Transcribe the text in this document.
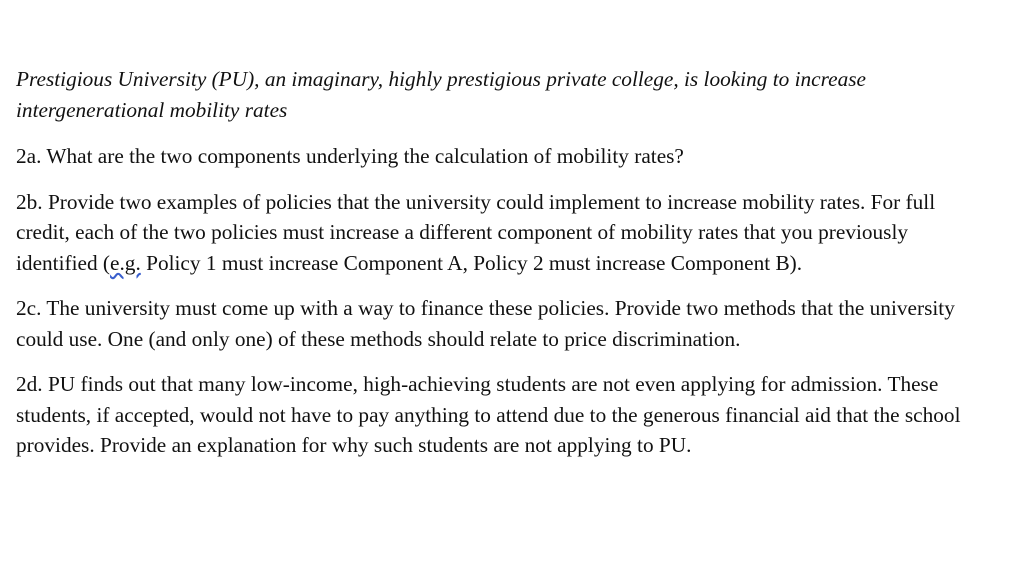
Prestigious University (PU), an imaginary, highly prestigious private college, is looking to increase intergenerational mobility rates

2a. What are the two components underlying the calculation of mobility rates?

2b. Provide two examples of policies that the university could implement to increase mobility rates. For full credit, each of the two policies must increase a different component of mobility rates that you previously identified (e.g. Policy 1 must increase Component A, Policy 2 must increase Component B).

2c. The university must come up with a way to finance these policies. Provide two methods that the university could use. One (and only one) of these methods should relate to price discrimination.

2d. PU finds out that many low-income, high-achieving students are not even applying for admission. These students, if accepted, would not have to pay anything to attend due to the generous financial aid that the school provides. Provide an explanation for why such students are not applying to PU.
